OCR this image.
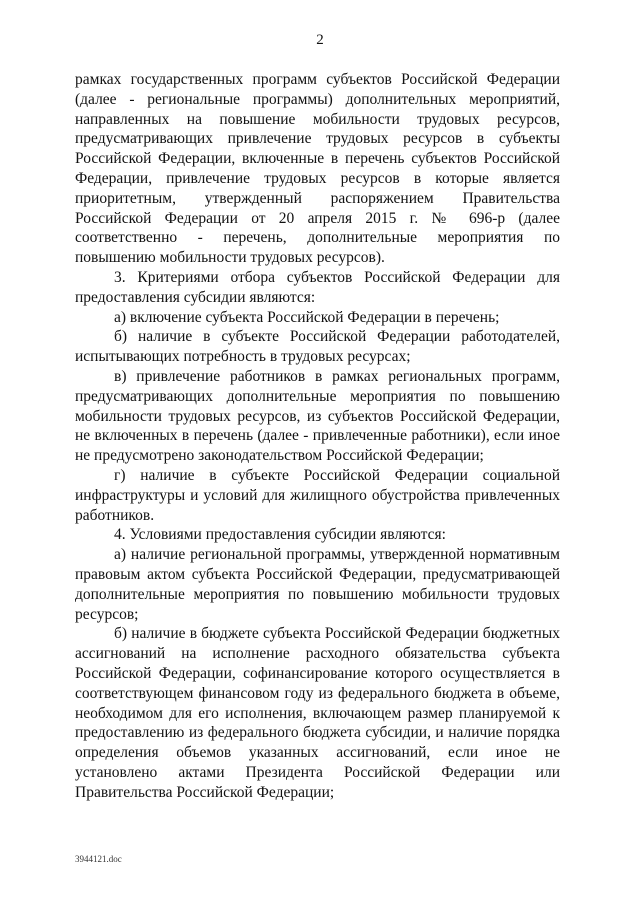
2

рамках государственных программ субъектов Российской Федерации (далее - региональные программы) дополнительных мероприятий, направленных на повышение мобильности трудовых ресурсов, предусматривающих привлечение трудовых ресурсов в субъекты Российской Федерации, включенные в перечень субъектов Российской Федерации, привлечение трудовых ресурсов в которые является приоритетным, утвержденный распоряжением Правительства Российской Федерации от 20 апреля 2015 г. № 696-р (далее соответственно - перечень, дополнительные мероприятия по повышению мобильности трудовых ресурсов).

3. Критериями отбора субъектов Российской Федерации для предоставления субсидии являются:

а) включение субъекта Российской Федерации в перечень;

б) наличие в субъекте Российской Федерации работодателей, испытывающих потребность в трудовых ресурсах;

в) привлечение работников в рамках региональных программ, предусматривающих дополнительные мероприятия по повышению мобильности трудовых ресурсов, из субъектов Российской Федерации, не включенных в перечень (далее - привлеченные работники), если иное не предусмотрено законодательством Российской Федерации;

г) наличие в субъекте Российской Федерации социальной инфраструктуры и условий для жилищного обустройства привлеченных работников.

4. Условиями предоставления субсидии являются:

а) наличие региональной программы, утвержденной нормативным правовым актом субъекта Российской Федерации, предусматривающей дополнительные мероприятия по повышению мобильности трудовых ресурсов;

б) наличие в бюджете субъекта Российской Федерации бюджетных ассигнований на исполнение расходного обязательства субъекта Российской Федерации, софинансирование которого осуществляется в соответствующем финансовом году из федерального бюджета в объеме, необходимом для его исполнения, включающем размер планируемой к предоставлению из федерального бюджета субсидии, и наличие порядка определения объемов указанных ассигнований, если иное не установлено актами Президента Российской Федерации или Правительства Российской Федерации;

3944121.doc
